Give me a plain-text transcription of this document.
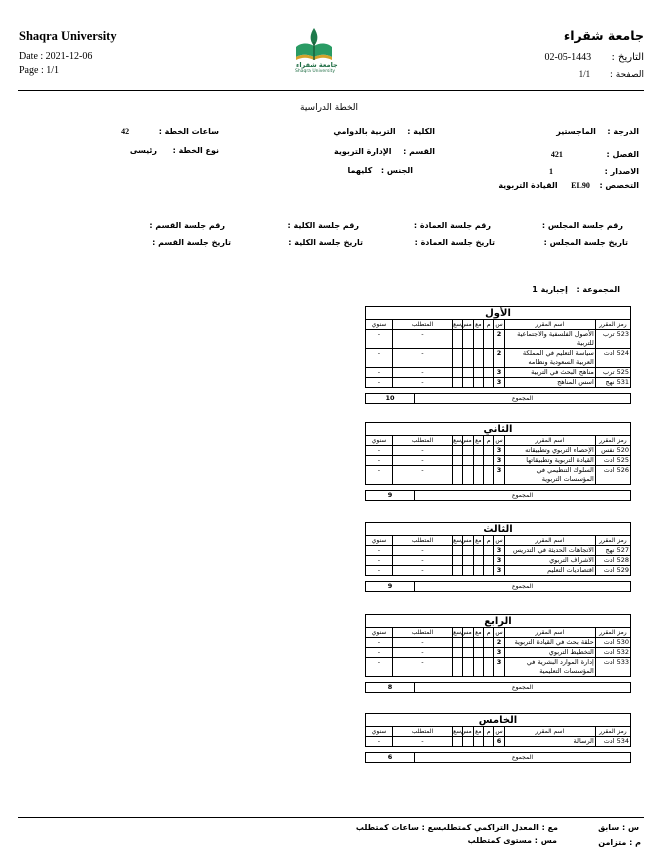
Shaqra University
Date : 2021-12-06
Page : 1/1	جامعة شقراء
Shaqra University
جامعة شقراء
التاريخ :  02-05-1443
الصفحة :  1/1
الخطة الدراسية
الدرجة :  الماجستير
الفصل :  421
الاصدار :  1
التخصص :  EL90  القيادة التربوية
الكلية :  التربية بالدوامي
القسم :  الإدارة التربوية
الجنس :  كليهما
ساعات الخطة :  42
نوع الخطة :  رئيسى
رقم جلسة المجلس :
رقم جلسة العمادة :
رقم جلسة الكلية :
رقم جلسة القسم :
تاريخ جلسة المجلس :
تاريخ جلسة العمادة :
تاريخ جلسة الكلية :
تاريخ جلسة القسم :
المجموعة :  إجبارية 1
الأول
رمز المقرر	اسم المقرر	س	م	مع	مس	سع	المتطلب	سنوي
523 ترب	الأصول الفلسفية والاجتماعية للتربية	2					-	-
524 ادت	سياسة التعليم في المملكة العربية السعودية ونظامه	2					-	-
525 ترب	مناهج البحث في التربية	3					-	-
531 نهج	اسس المناهج	3					-	-
المجموع
10
الثاني
رمز المقرر	اسم المقرر	س	م	مع	مس	سع	المتطلب	سنوي
520 نفس	الإحصاء التربوي وتطبيقاته	3					-	-
525 ادت	القيادة التربوية وتطبيقاتها	3					-	-
526 ادت	السلوك التنظيمي في المؤسسات التربوية	3					-	-
المجموع
9
الثالث
رمز المقرر	اسم المقرر	س	م	مع	مس	سع	المتطلب	سنوي
527 نهج	الاتجاهات الحديثة في التدريس	3					-	-
528 ادت	الاشراف التربوي	3					-	-
529 ادت	اقتصاديات التعليم	3					-	-
المجموع
9
الرابع
رمز المقرر	اسم المقرر	س	م	مع	مس	سع	المتطلب	سنوي
530 ادت	حلقة بحث في القيادة التربوية	2					-	-
532 ادت	التخطيط التربوي	3					-	-
533 ادت	إدارة الموارد البشرية في المؤسسات التعليمية	3					-	-
المجموع
8
الخامس
رمز المقرر	اسم المقرر	س	م	مع	مس	سع	المتطلب	سنوي
534 ادت	الرسالة	6					-	-
المجموع
6
س : سابق
مع : المعدل التراكمي كمتطلب
سع : ساعات كمتطلب
م : متزامن
مس : مستوى كمتطلب
